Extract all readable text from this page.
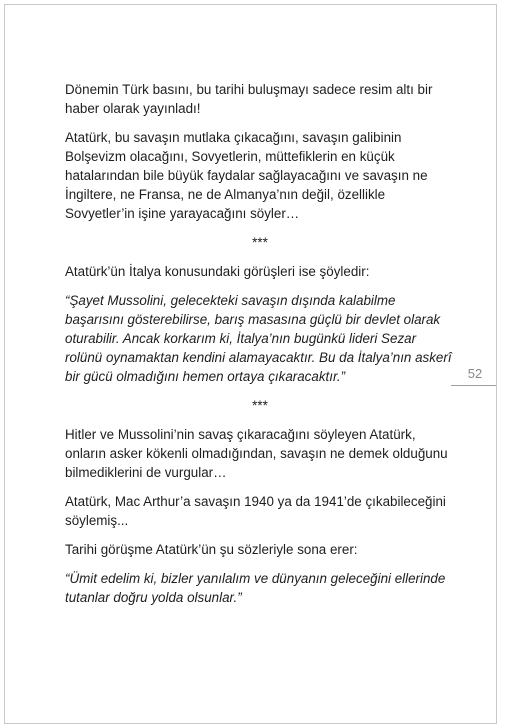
Dönemin Türk basını, bu tarihi buluşmayı sadece resim altı bir haber olarak yayınladı!

Atatürk, bu savaşın mutlaka çıkacağını, savaşın galibinin Bolşevizm olacağını, Sovyetlerin, müttefiklerin en küçük hatalarından bile büyük faydalar sağlayacağını ve savaşın ne İngiltere, ne Fransa, ne de Almanya’nın değil, özellikle Sovyetler’in işine yarayacağını söyler…

***

Atatürk’ün İtalya konusundaki görüşleri ise şöyledir:

“Şayet Mussolini, gelecekteki savaşın dışında kalabilme başarısını gösterebilirse, barış masasına güçlü bir devlet olarak oturabilir. Ancak korkarım ki, İtalya’nın bugünkü lideri Sezar rolünü oynamaktan kendini alamayacaktır. Bu da İtalya’nın askerî bir gücü olmadığını hemen ortaya çıkaracaktır.”

***

Hitler ve Mussolini’nin savaş çıkaracağını söyleyen Atatürk, onların asker kökenli olmadığından, savaşın ne demek olduğunu bilmediklerini de vurgular…

Atatürk, Mac Arthur’a savaşın 1940 ya da 1941’de çıkabileceğini söylemiş...

Tarihi görüşme Atatürk’ün şu sözleriyle sona erer:

“Ümit edelim ki, bizler yanılalım ve dünyanın geleceğini ellerinde tutanlar doğru yolda olsunlar.”

52
